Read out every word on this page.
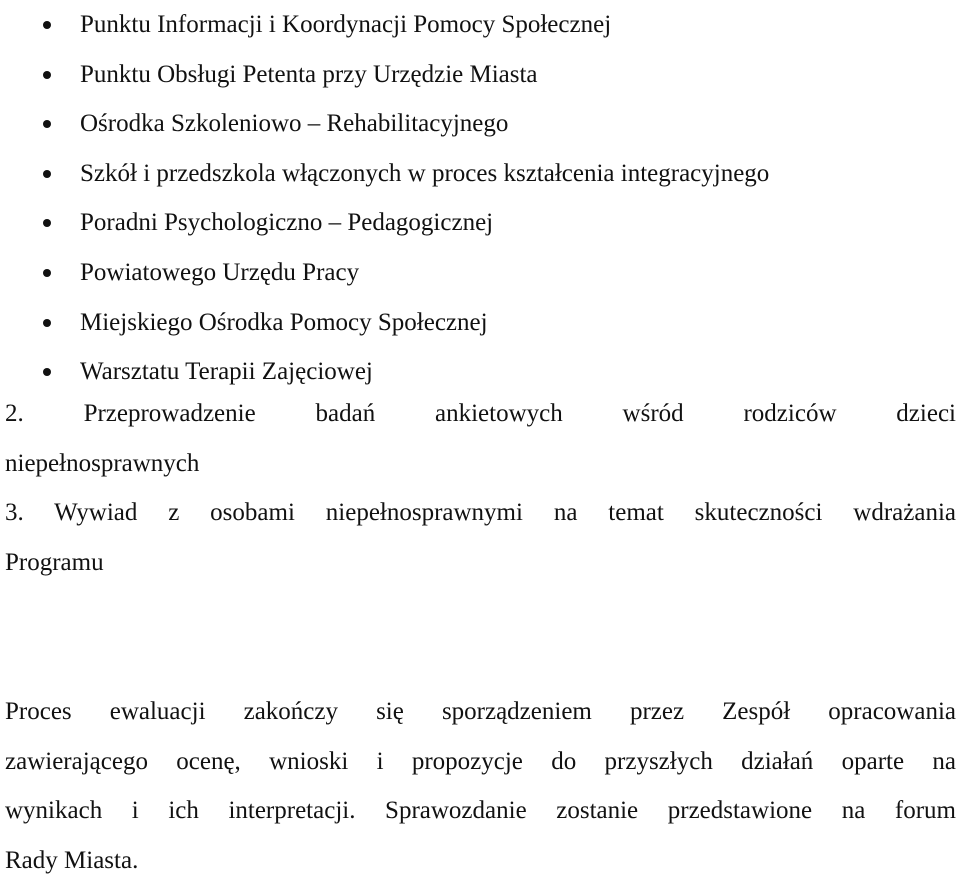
Punktu Informacji i Koordynacji Pomocy Społecznej
Punktu Obsługi Petenta przy Urzędzie Miasta
Ośrodka Szkoleniowo – Rehabilitacyjnego
Szkół i przedszkola włączonych w proces kształcenia integracyjnego
Poradni Psychologiczno – Pedagogicznej
Powiatowego Urzędu Pracy
Miejskiego Ośrodka Pomocy Społecznej
Warsztatu Terapii Zajęciowej
2. Przeprowadzenie badań ankietowych wśród rodziców dzieci
niepełnosprawnych
3. Wywiad z osobami niepełnosprawnymi na temat skuteczności wdrażania
Programu
Proces ewaluacji zakończy się sporządzeniem przez Zespół opracowania
zawierającego ocenę, wnioski i propozycje do przyszłych działań oparte na
wynikach i ich interpretacji. Sprawozdanie zostanie przedstawione na forum
Rady Miasta.
